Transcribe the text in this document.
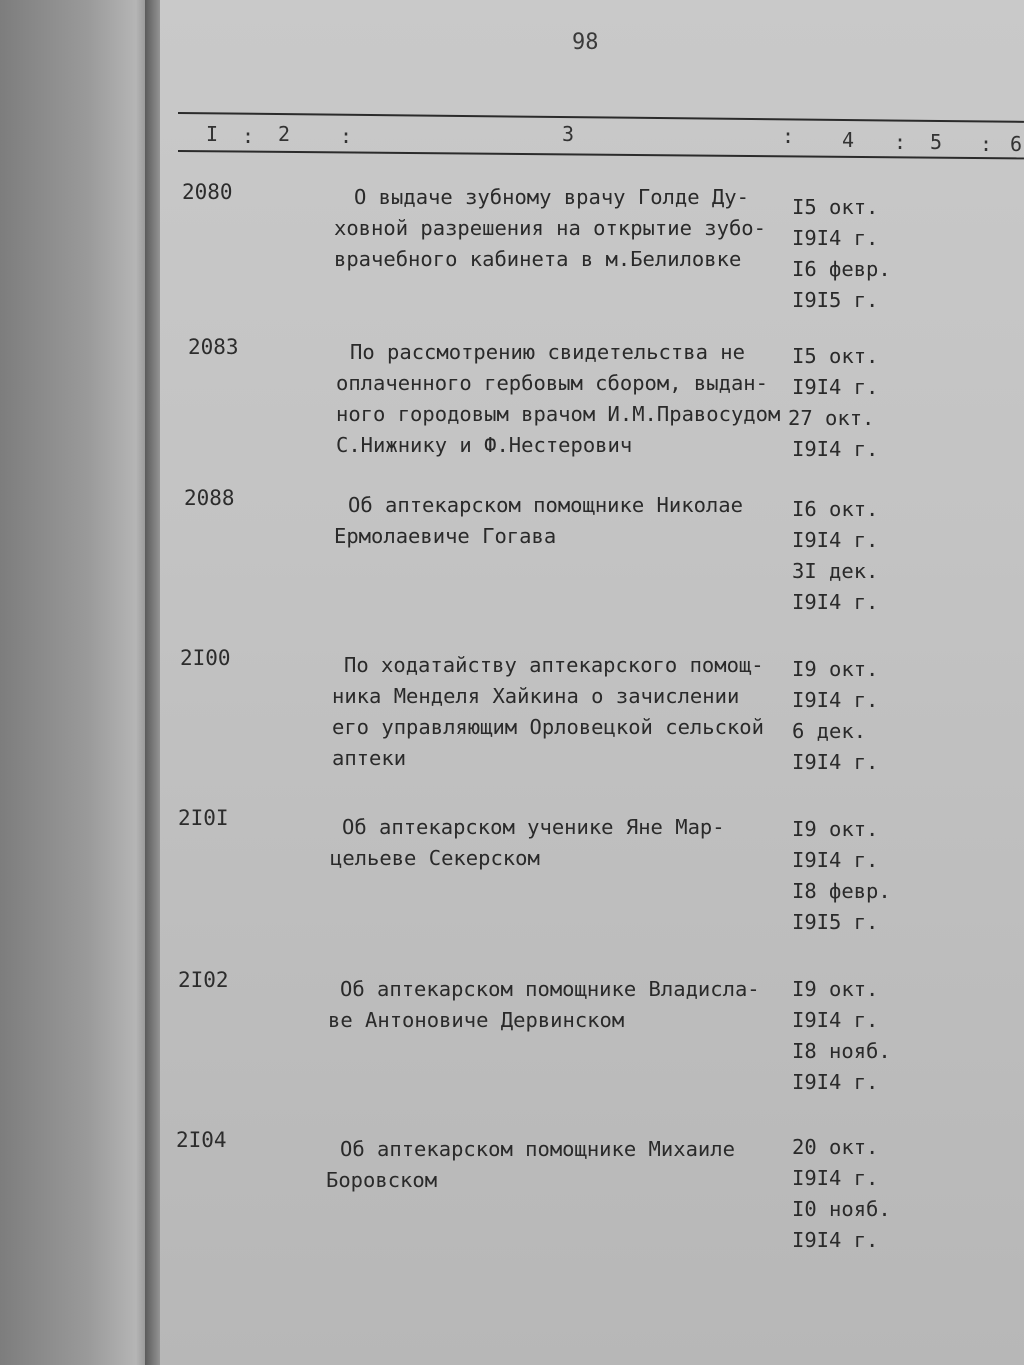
98
I : 2 :	3	: 4 : 5 : 6
2080	О выдаче зубному врачу Голде Ду-
ховной разрешения на открытие зубо-
врачебного кабинета в м.Белиловке
I5 окт.
I9I4 г.
I6 февр.
I9I5 г.
2083	По рассмотрению свидетельства не
оплаченного гербовым сбором, выдан-
ного городовым врачом И.М.Правосудом
С.Нижнику и Ф.Нестерович
I5 окт.
I9I4 г.
27 окт.
I9I4 г.
2088	Об аптекарском помощнике Николае
Ермолаевиче Гогава
I6 окт.
I9I4 г.
3I дек.
I9I4 г.
2I00	По ходатайству аптекарского помощ-
ника Менделя Хайкина о зачислении
его управляющим Орловецкой сельской
аптеки
I9 окт.
I9I4 г.
6 дек.
I9I4 г.
2I0I	Об аптекарском ученике Яне Мар-
цельеве Секерском
I9 окт.
I9I4 г.
I8 февр.
I9I5 г.
2I02	Об аптекарском помощнике Владисла-
ве Антоновиче Дервинском
I9 окт.
I9I4 г.
I8 нояб.
I9I4 г.
2I04	Об аптекарском помощнике Михаиле
Боровском
20 окт.
I9I4 г.
I0 нояб.
I9I4 г.
